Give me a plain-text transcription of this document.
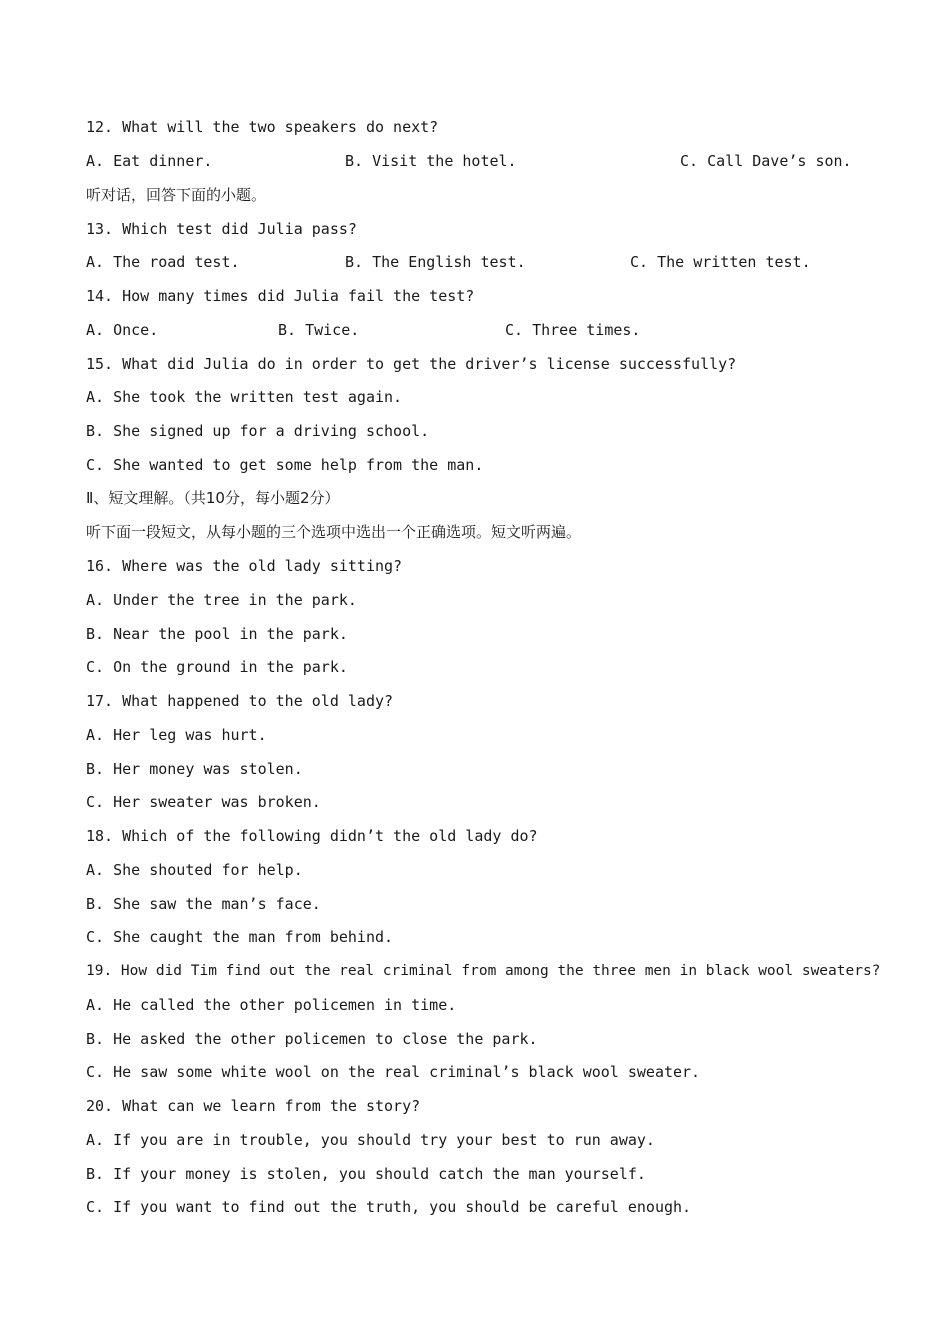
12. What will the two speakers do next?
A. Eat dinner.	B. Visit the hotel.	C. Call Dave’s son.
听对话，回答下面的小题。
13. Which test did Julia pass?
A. The road test.	B. The English test.	C. The written test.
14. How many times did Julia fail the test?
A. Once.	B. Twice.	C. Three times.
15. What did Julia do in order to get the driver’s license successfully?
A. She took the written test again.
B. She signed up for a driving school.
C. She wanted to get some help from the man.
Ⅱ、短文理解。（共10分，每小题2分）
听下面一段短文，从每小题的三个选项中选出一个正确选项。短文听两遍。
16. Where was the old lady sitting?
A. Under the tree in the park.
B. Near the pool in the park.
C. On the ground in the park.
17. What happened to the old lady?
A. Her leg was hurt.
B. Her money was stolen.
C. Her sweater was broken.
18. Which of the following didn’t the old lady do?
A. She shouted for help.
B. She saw the man’s face.
C. She caught the man from behind.
19. How did Tim find out the real criminal from among the three men in black wool sweaters?
A. He called the other policemen in time.
B. He asked the other policemen to close the park.
C. He saw some white wool on the real criminal’s black wool sweater.
20. What can we learn from the story?
A. If you are in trouble, you should try your best to run away.
B. If your money is stolen, you should catch the man yourself.
C. If you want to find out the truth, you should be careful enough.
